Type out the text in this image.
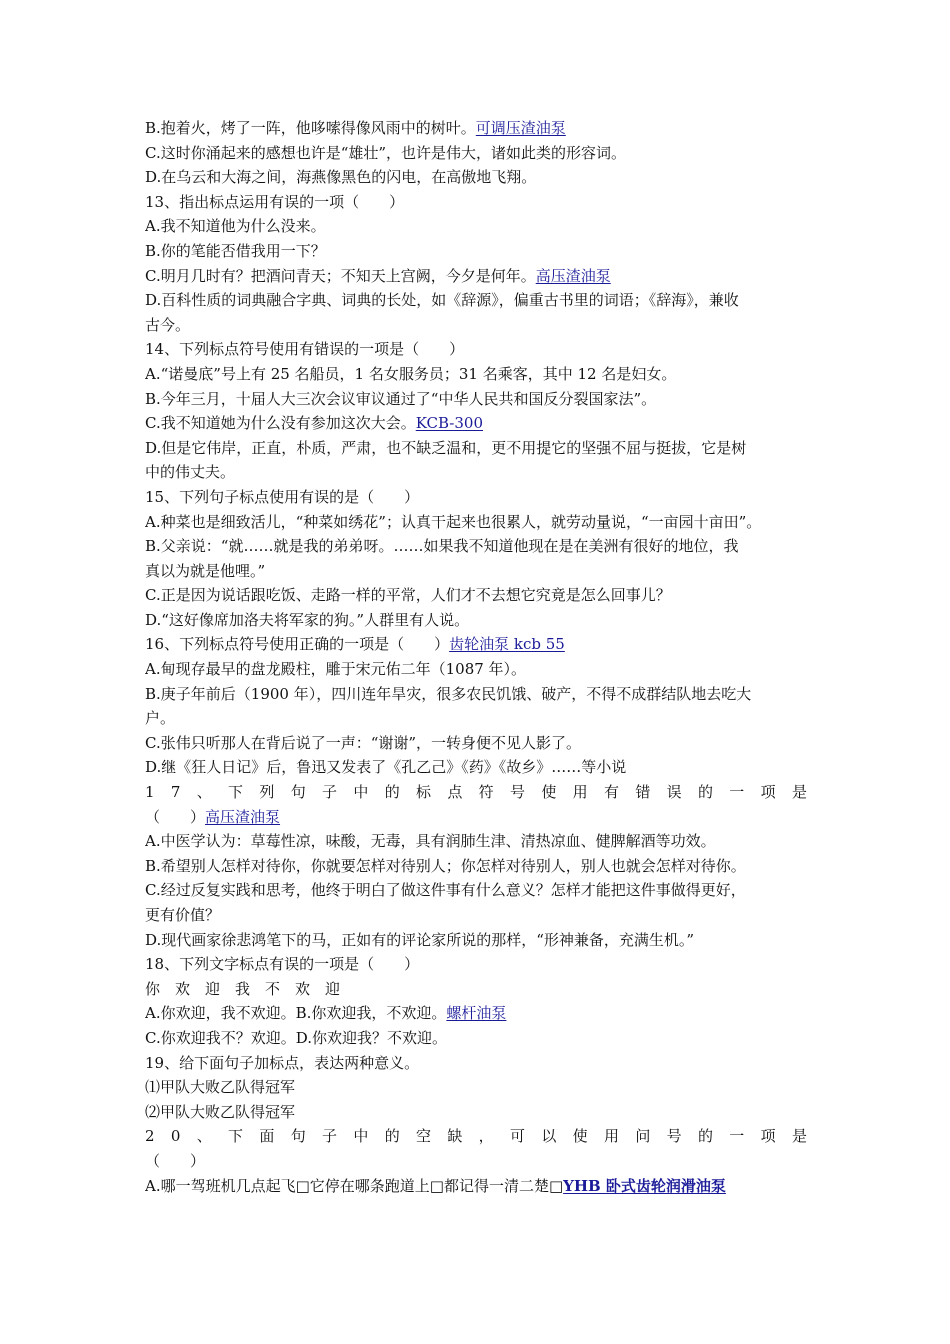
B.抱着火，烤了一阵，他哆嗦得像风雨中的树叶。可调压渣油泵
C.这时你涌起来的感想也许是“雄壮”，也许是伟大，诸如此类的形容词。
D.在乌云和大海之间，海燕像黑色的闪电，在高傲地飞翔。
13、指出标点运用有误的一项（　　）
A.我不知道他为什么没来。
B.你的笔能否借我用一下？
C.明月几时有？把酒问青天；不知天上宫阙，今夕是何年。高压渣油泵
D.百科性质的词典融合字典、词典的长处，如《辞源》，偏重古书里的词语；《辞海》，兼收
古今。
14、下列标点符号使用有错误的一项是（　　）
A.“诺曼底”号上有 25 名船员，1 名女服务员；31 名乘客，其中 12 名是妇女。
B.今年三月，十届人大三次会议审议通过了“中华人民共和国反分裂国家法”。
C.我不知道她为什么没有参加这次大会。KCB-300
D.但是它伟岸，正直，朴质，严肃，也不缺乏温和，更不用提它的坚强不屈与挺拔，它是树
中的伟丈夫。
15、下列句子标点使用有误的是（　　）
A.种菜也是细致活儿，“种菜如绣花”；认真干起来也很累人，就劳动量说，“一亩园十亩田”。
B.父亲说：“就……就是我的弟弟呀。……如果我不知道他现在是在美洲有很好的地位，我
真以为就是他哩。”
C.正是因为说话跟吃饭、走路一样的平常，人们才不去想它究竟是怎么回事儿？
D.“这好像席加洛夫将军家的狗。”人群里有人说。
16、下列标点符号使用正确的一项是（　　）齿轮油泵 kcb 55
A.甸现存最早的盘龙殿柱，雕于宋元佑二年（1087 年）。
B.庚子年前后（1900 年），四川连年旱灾，很多农民饥饿、破产，不得不成群结队地去吃大
户。
C.张伟只听那人在背后说了一声：“谢谢”，一转身便不见人影了。
D.继《狂人日记》后，鲁迅又发表了《孔乙己》《药》《故乡》……等小说
1 7 、 下 列 句 子 中 的 标 点 符 号 使 用 有 错 误 的 一 项 是
（　　）高压渣油泵
A.中医学认为：草莓性凉，味酸，无毒，具有润肺生津、清热凉血、健脾解酒等功效。
B.希望别人怎样对待你，你就要怎样对待别人；你怎样对待别人，别人也就会怎样对待你。
C.经过反复实践和思考，他终于明白了做这件事有什么意义？怎样才能把这件事做得更好，
更有价值？
D.现代画家徐悲鸿笔下的马，正如有的评论家所说的那样，“形神兼备，充满生机。”
18、下列文字标点有误的一项是（　　）
你欢迎我不欢迎
A.你欢迎，我不欢迎。B.你欢迎我，不欢迎。螺杆油泵
C.你欢迎我不？欢迎。D.你欢迎我？不欢迎。
19、给下面句子加标点，表达两种意义。
⑴甲队大败乙队得冠军
⑵甲队大败乙队得冠军
2 0 、 下 面 句 子 中 的 空 缺 ， 可 以 使 用 问 号 的 一 项 是
（　　）
A.哪一驾班机几点起飞□它停在哪条跑道上□都记得一清二楚□YHB 卧式齿轮润滑油泵
